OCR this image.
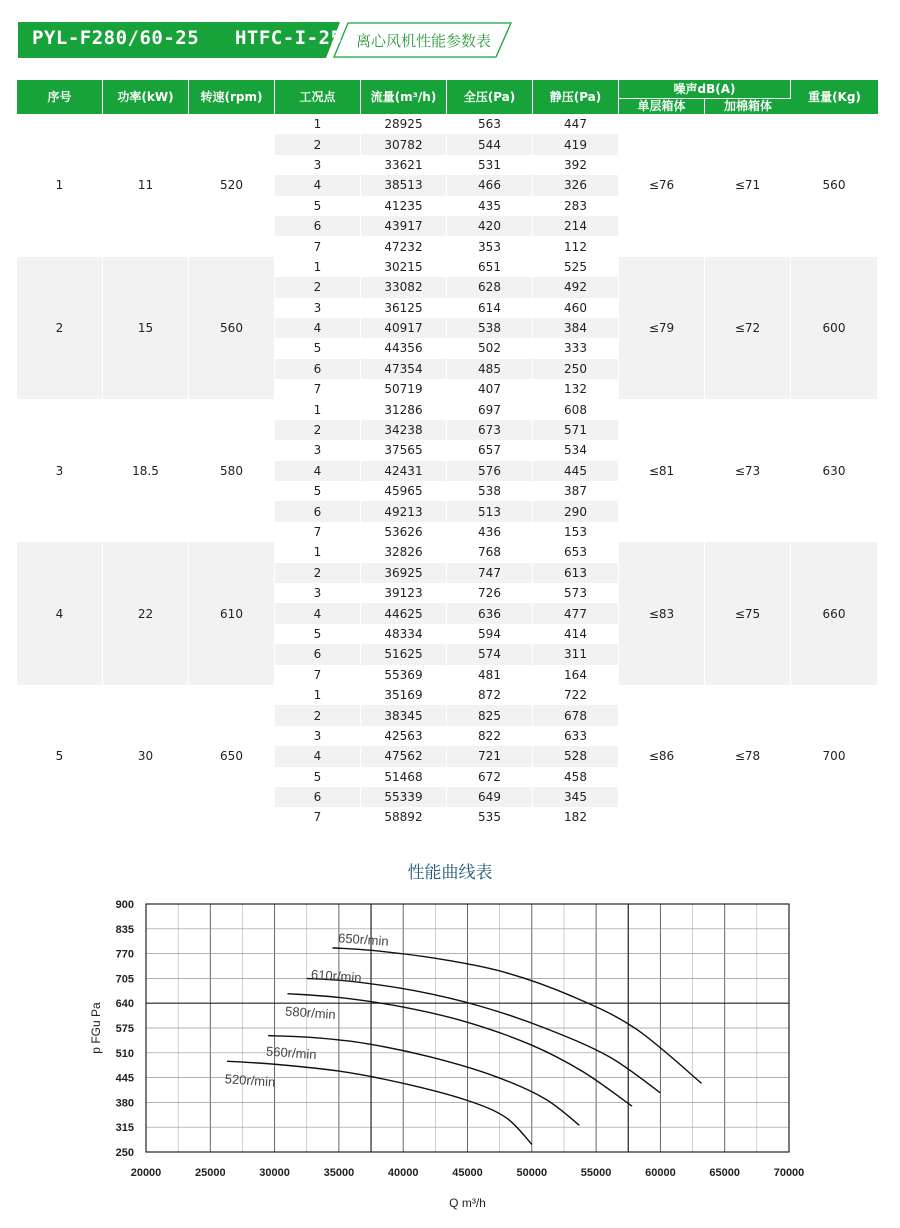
PYL-F280/60-25   HTFC-I-25 离心风机性能参数表
序号	功率(kW)	转速(rpm)	工况点	流量(m³/h)	全压(Pa)	静压(Pa)	噪声dB(A)		重量(Kg)
							单层箱体	加棉箱体	
1	11	520	1	28925	563	447	≤76	≤71	560
			2	30782	544	419			
			3	33621	531	392			
			4	38513	466	326			
			5	41235	435	283			
			6	43917	420	214			
			7	47232	353	112			
2	15	560	1	30215	651	525	≤79	≤72	600
			2	33082	628	492			
			3	36125	614	460			
			4	40917	538	384			
			5	44356	502	333			
			6	47354	485	250			
			7	50719	407	132			
3	18.5	580	1	31286	697	608	≤81	≤73	630
			2	34238	673	571			
			3	37565	657	534			
			4	42431	576	445			
			5	45965	538	387			
			6	49213	513	290			
			7	53626	436	153			
4	22	610	1	32826	768	653	≤83	≤75	660
			2	36925	747	613			
			3	39123	726	573			
			4	44625	636	477			
			5	48334	594	414			
			6	51625	574	311			
			7	55369	481	164			
5	30	650	1	35169	872	722	≤86	≤78	700
			2	38345	825	678			
			3	42563	822	633			
			4	47562	721	528			
			5	51468	672	458			
			6	55339	649	345			
			7	58892	535	182			
性能曲线表
20000	25000	30000	35000	40000	45000	50000	55000	60000	65000	70000
250
315
380
445
510
575
640
705
770
835
900
Q m³/h
p FGu Pa
520r/min
560r/min
580r/min
610r/min
650r/min
